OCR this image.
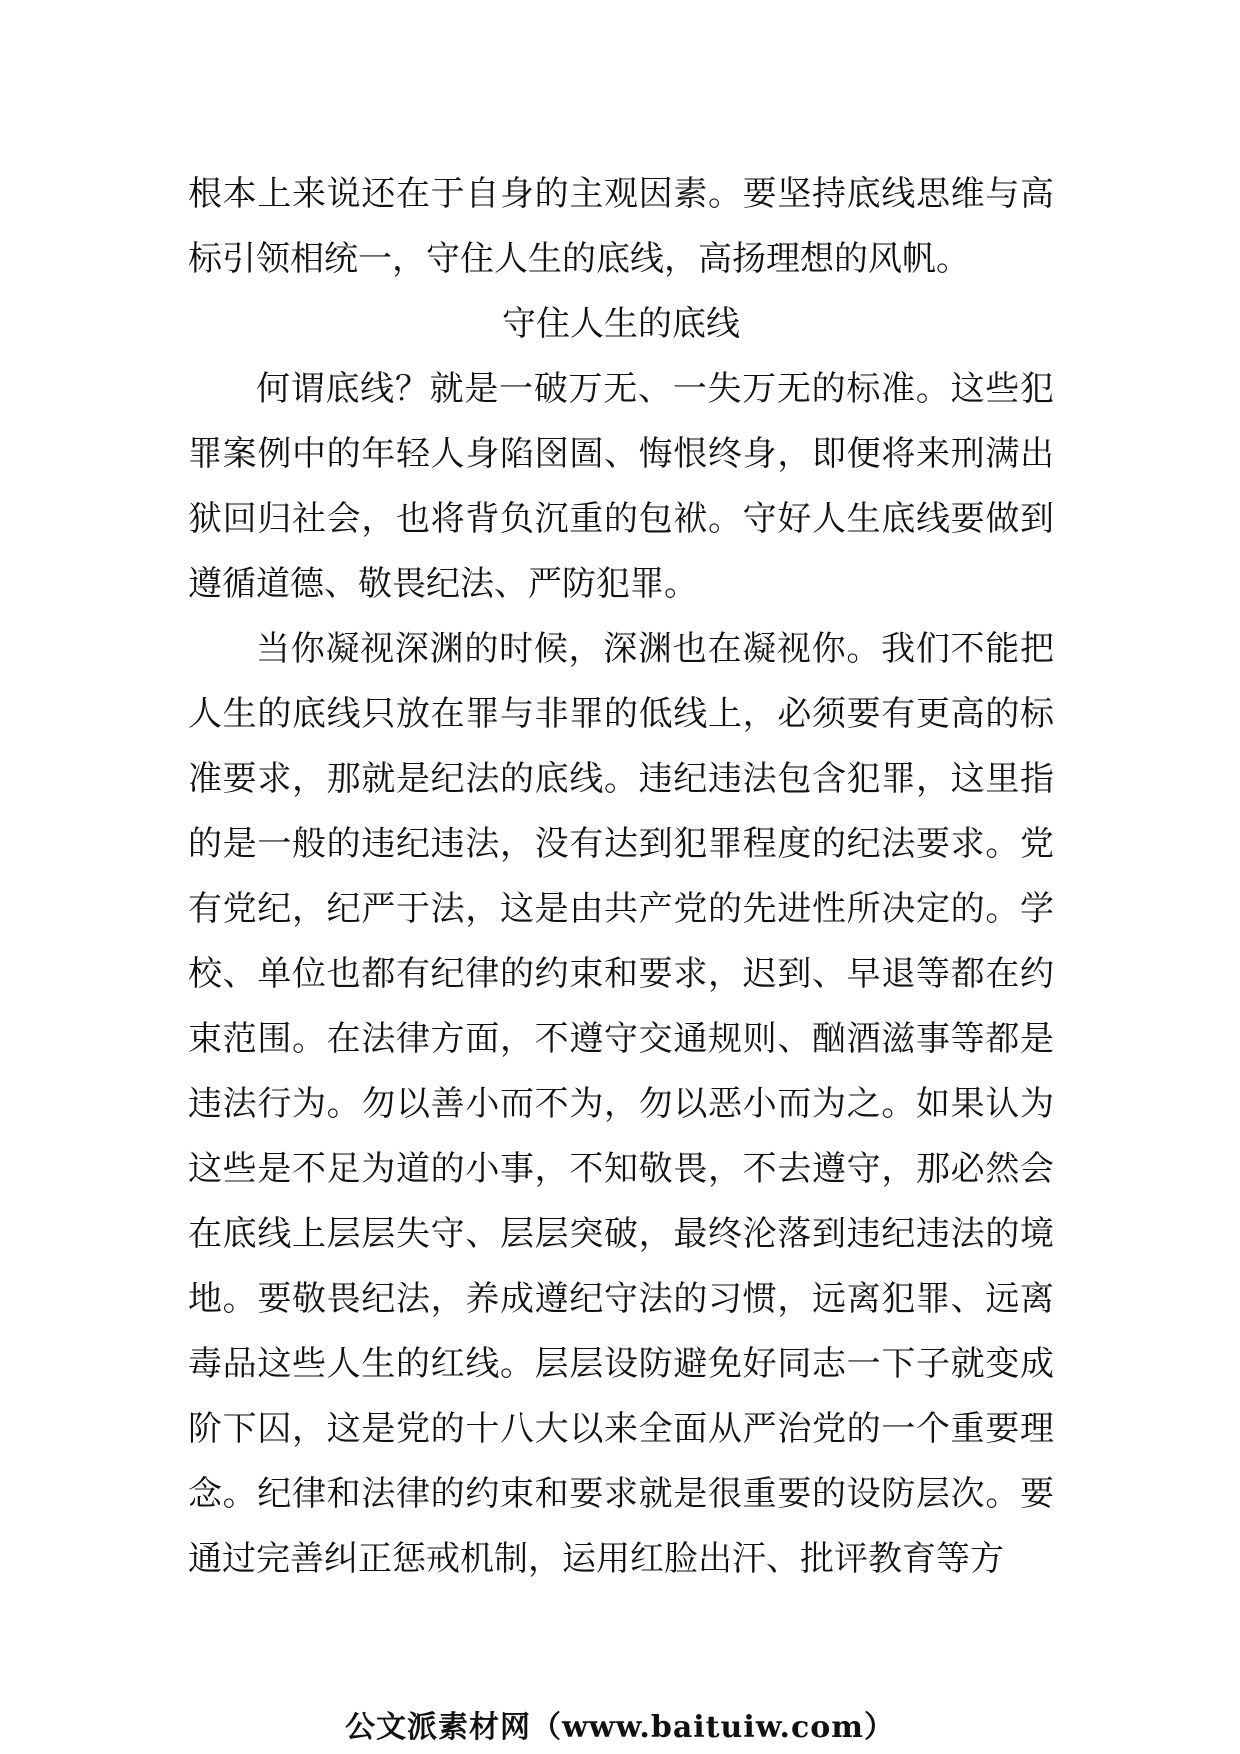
根本上来说还在于自身的主观因素。要坚持底线思维与高标引领相统一，守住人生的底线，高扬理想的风帆。

守住人生的底线

何谓底线？就是一破万无、一失万无的标准。这些犯罪案例中的年轻人身陷囹圄、悔恨终身，即便将来刑满出狱回归社会，也将背负沉重的包袱。守好人生底线要做到遵循道德、敬畏纪法、严防犯罪。

当你凝视深渊的时候，深渊也在凝视你。我们不能把人生的底线只放在罪与非罪的低线上，必须要有更高的标准要求，那就是纪法的底线。违纪违法包含犯罪，这里指的是一般的违纪违法，没有达到犯罪程度的纪法要求。党有党纪，纪严于法，这是由共产党的先进性所决定的。学校、单位也都有纪律的约束和要求，迟到、早退等都在约束范围。在法律方面，不遵守交通规则、酗酒滋事等都是违法行为。勿以善小而不为，勿以恶小而为之。如果认为这些是不足为道的小事，不知敬畏，不去遵守，那必然会在底线上层层失守、层层突破，最终沦落到违纪违法的境地。要敬畏纪法，养成遵纪守法的习惯，远离犯罪、远离毒品这些人生的红线。层层设防避免好同志一下子就变成阶下囚，这是党的十八大以来全面从严治党的一个重要理念。纪律和法律的约束和要求就是很重要的设防层次。要通过完善纠正惩戒机制，运用红脸出汗、批评教育等方

公文派素材网（www.baituiw.com）
